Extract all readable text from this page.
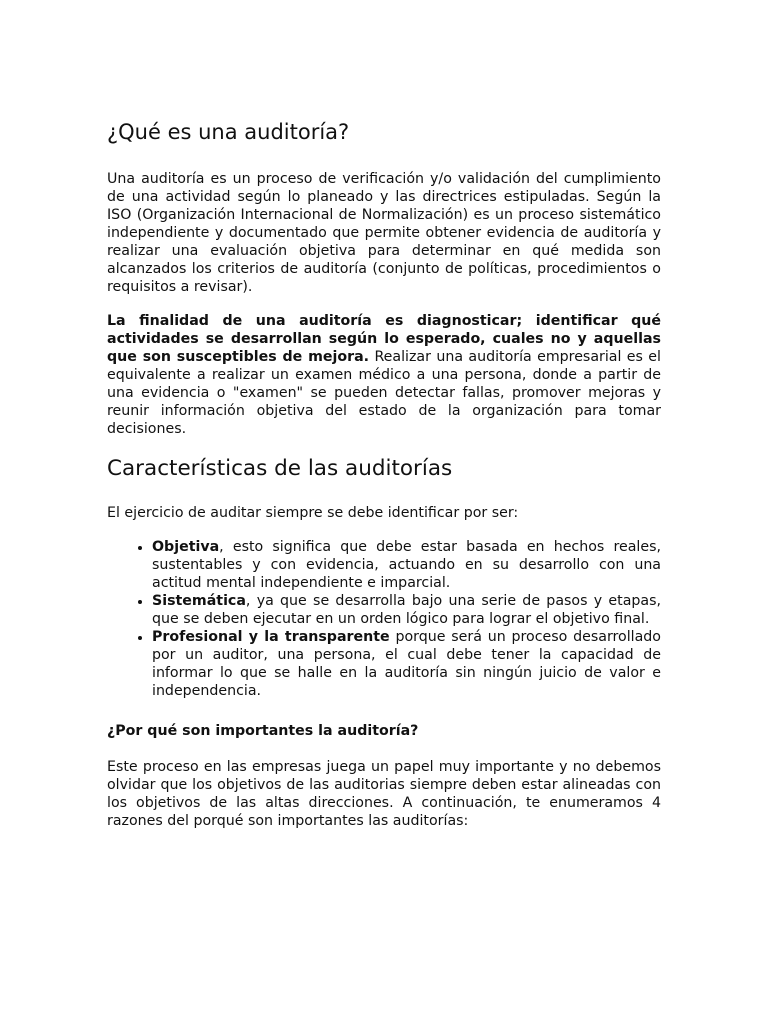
¿Qué es una auditoría?

Una auditoría es un proceso de verificación y/o validación del cumplimiento de una actividad según lo planeado y las directrices estipuladas. Según la ISO (Organización Internacional de Normalización) es un proceso sistemático independiente y documentado que permite obtener evidencia de auditoría y realizar una evaluación objetiva para determinar en qué medida son alcanzados los criterios de auditoría (conjunto de políticas, procedimientos o requisitos a revisar).

La finalidad de una auditoría es diagnosticar; identificar qué actividades se desarrollan según lo esperado, cuales no y aquellas que son susceptibles de mejora. Realizar una auditoría empresarial es el equivalente a realizar un examen médico a una persona, donde a partir de una evidencia o "examen" se pueden detectar fallas, promover mejoras y reunir información objetiva del estado de la organización para tomar decisiones.

Características de las auditorías

El ejercicio de auditar siempre se debe identificar por ser:

• Objetiva, esto significa que debe estar basada en hechos reales, sustentables y con evidencia, actuando en su desarrollo con una actitud mental independiente e imparcial.
• Sistemática, ya que se desarrolla bajo una serie de pasos y etapas, que se deben ejecutar en un orden lógico para lograr el objetivo final.
• Profesional y la transparente porque será un proceso desarrollado por un auditor, una persona, el cual debe tener la capacidad de informar lo que se halle en la auditoría sin ningún juicio de valor e independencia.
¿Por qué son importantes la auditoría?

Este proceso en las empresas juega un papel muy importante y no debemos olvidar que los objetivos de las auditorias siempre deben estar alineadas con los objetivos de las altas direcciones. A continuación, te enumeramos 4 razones del porqué son importantes las auditorías:
